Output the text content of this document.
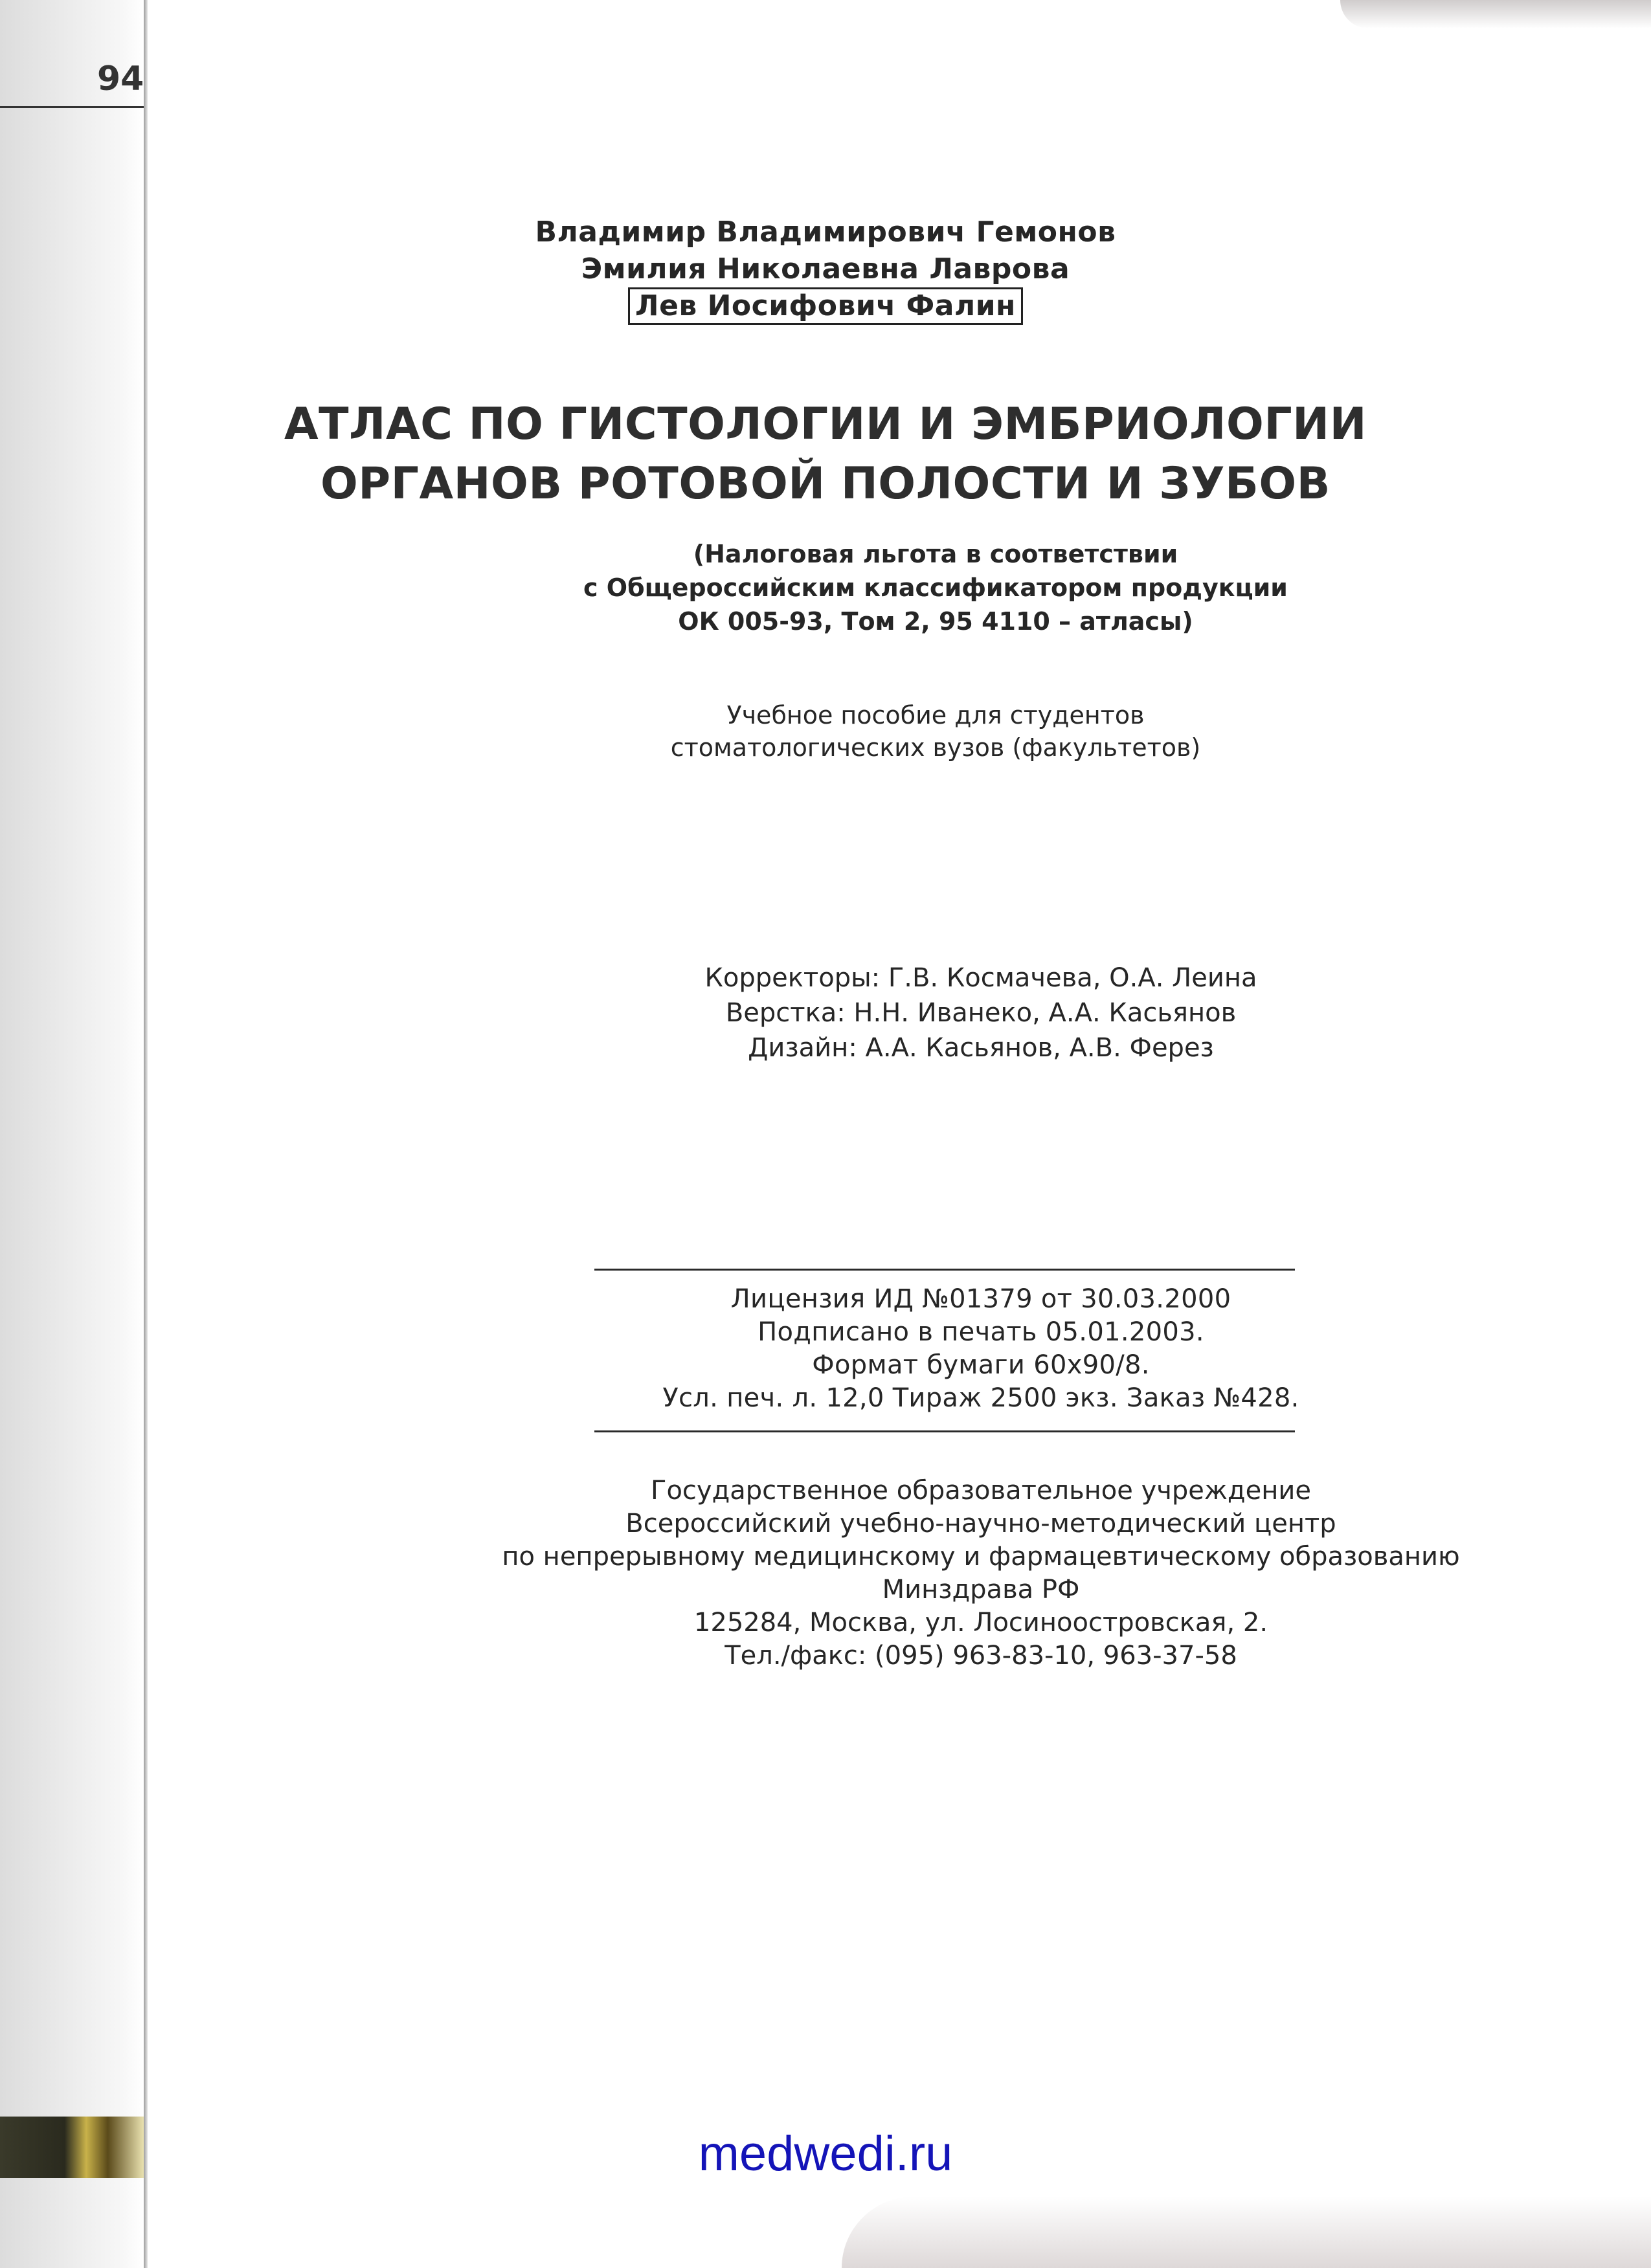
94

Владимир Владимирович Гемонов

Эмилия Николаевна Лаврова

Лев Иосифович Фалин

АТЛАС ПО ГИСТОЛОГИИ И ЭМБРИОЛОГИИ

ОРГАНОВ РОТОВОЙ ПОЛОСТИ И ЗУБОВ

(Налоговая льгота в соответствии

с Общероссийским классификатором продукции

ОК 005-93, Том 2, 95 4110 – атласы)

Учебное пособие для студентов

стоматологических вузов (факультетов)

Корректоры: Г.В. Космачева, О.А. Леина

Верстка: Н.Н. Иванеко, А.А. Касьянов

Дизайн: А.А. Касьянов, А.В. Ферез

Лицензия ИД №01379 от 30.03.2000

Подписано в печать 05.01.2003.

Формат бумаги 60x90/8.

Усл. печ. л. 12,0 Тираж 2500 экз. Заказ №428.

Государственное образовательное учреждение

Всероссийский учебно-научно-методический центр

по непрерывному медицинскому и фармацевтическому образованию

Минздрава РФ

125284, Москва, ул. Лосиноостровская, 2.

Тел./факс: (095) 963-83-10, 963-37-58

medwedi.ru
